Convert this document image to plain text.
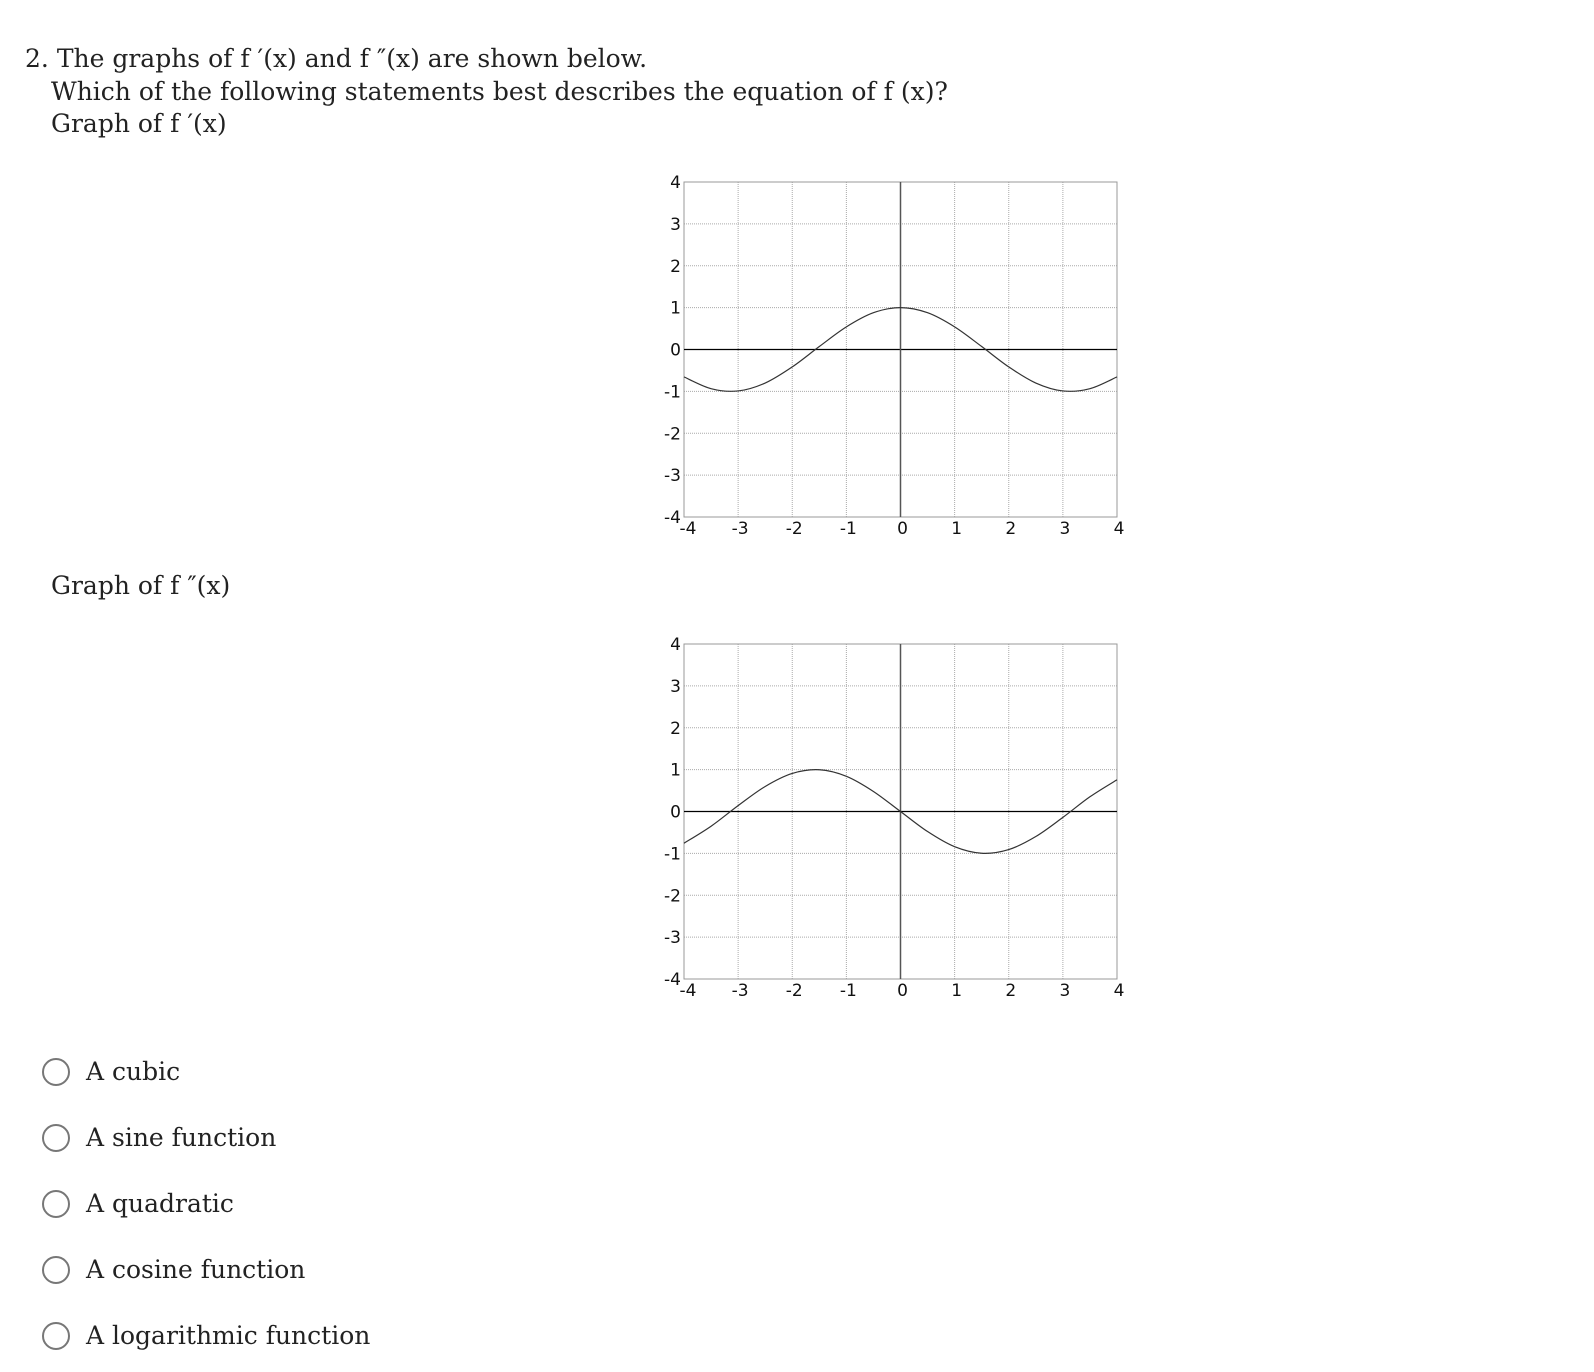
2. The graphs of f ′(x) and f ″(x) are shown below.
Which of the following statements best describes the equation of f (x)?
Graph of f ′(x)
4
3
2
1
0
-1
-2
-3
-4
-4 -3 -2 -1 0	1	2	3	4
Graph of f ″(x)
4
3
2
1
0
-1
-2
-3
-4
-4 -3 -2 -1 0	1	2	3	4
A cubic
A sine function
A quadratic
A cosine function
A logarithmic function
